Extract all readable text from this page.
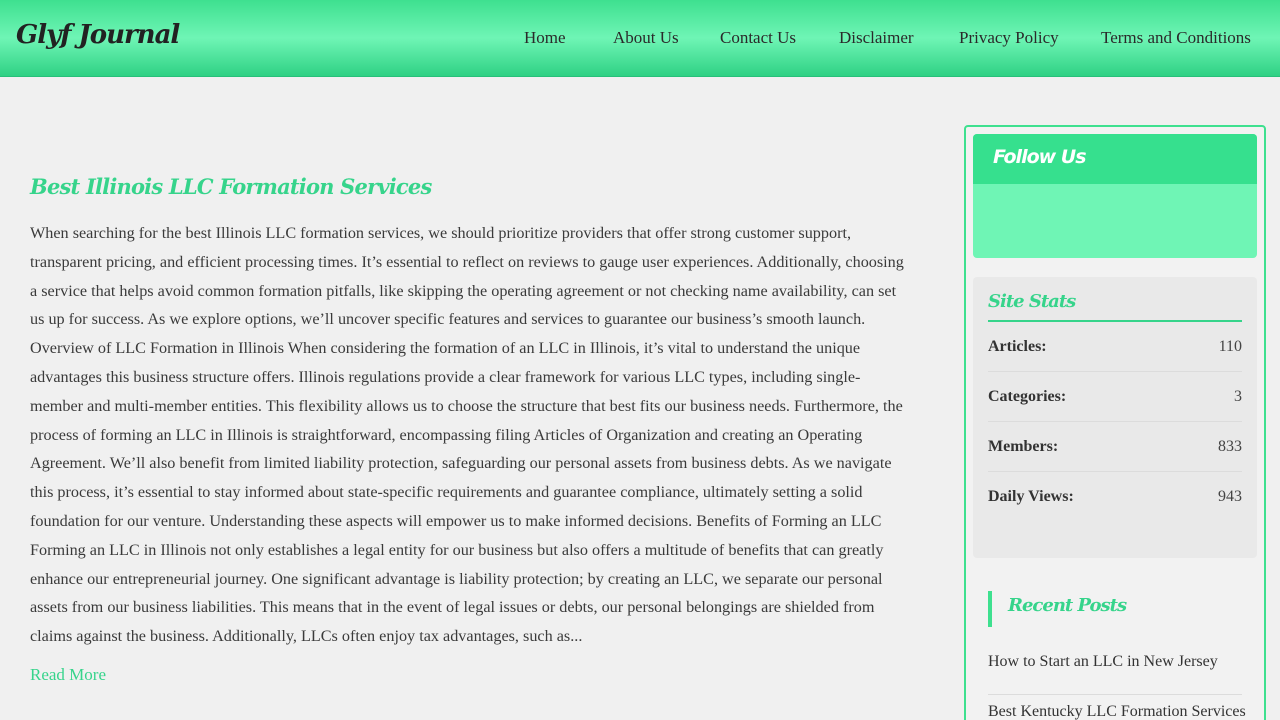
Glyf Journal	Home	About Us Contact Us	Disclaimer	Privacy Policy Terms and Conditions
Best Illinois LLC Formation Services

When searching for the best Illinois LLC formation services, we should prioritize providers that offer strong customer support, transparent pricing, and efficient processing times. It’s essential to reflect on reviews to gauge user experiences. Additionally, choosing a service that helps avoid common formation pitfalls, like skipping the operating agreement or not checking name availability, can set us up for success. As we explore options, we’ll uncover specific features and services to guarantee our business’s smooth launch. Overview of LLC Formation in Illinois When considering the formation of an LLC in Illinois, it’s vital to understand the unique advantages this business structure offers. Illinois regulations provide a clear framework for various LLC types, including single-member and multi-member entities. This flexibility allows us to choose the structure that best fits our business needs. Furthermore, the process of forming an LLC in Illinois is straightforward, encompassing filing Articles of Organization and creating an Operating Agreement. We’ll also benefit from limited liability protection, safeguarding our personal assets from business debts. As we navigate this process, it’s essential to stay informed about state-specific requirements and guarantee compliance, ultimately setting a solid foundation for our venture. Understanding these aspects will empower us to make informed decisions. Benefits of Forming an LLC Forming an LLC in Illinois not only establishes a legal entity for our business but also offers a multitude of benefits that can greatly enhance our entrepreneurial journey. One significant advantage is liability protection; by creating an LLC, we separate our personal assets from our business liabilities. This means that in the event of legal issues or debts, our personal belongings are shielded from claims against the business. Additionally, LLCs often enjoy tax advantages, such as...

Read More
Follow Us
Site Stats
Articles:	110
Categories:	3
Members:	833
Daily Views:	943
Recent Posts
How to Start an LLC in New Jersey
Best Kentucky LLC Formation Services
